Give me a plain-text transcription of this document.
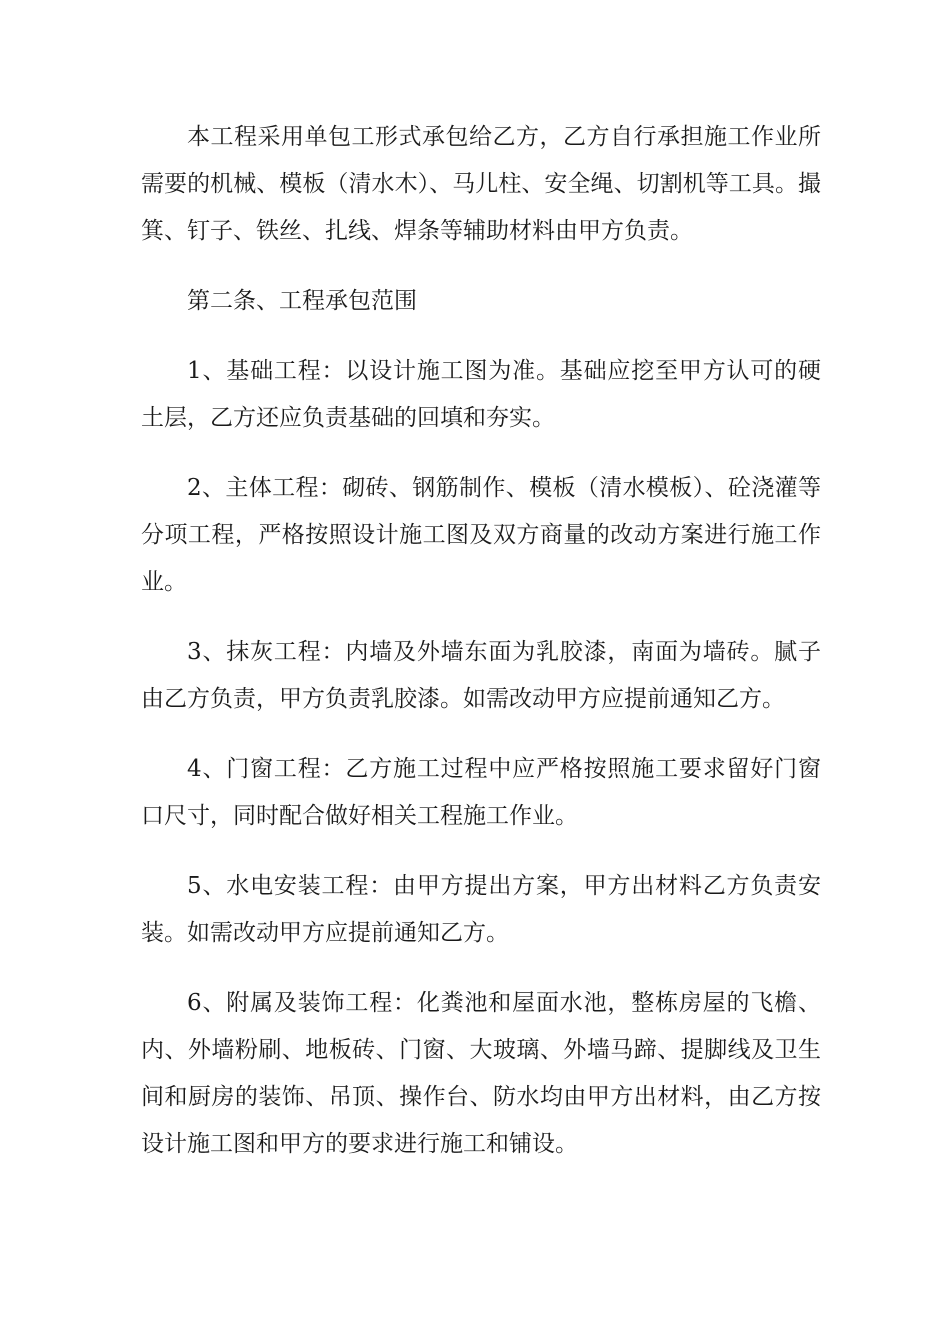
本工程采用单包工形式承包给乙方，乙方自行承担施工作业所需要的机械、模板（清水木）、马儿柱、安全绳、切割机等工具。撮箕、钉子、铁丝、扎线、焊条等辅助材料由甲方负责。

第二条、工程承包范围

1、基础工程：以设计施工图为准。基础应挖至甲方认可的硬土层，乙方还应负责基础的回填和夯实。

2、主体工程：砌砖、钢筋制作、模板（清水模板）、砼浇灌等分项工程，严格按照设计施工图及双方商量的改动方案进行施工作业。

3、抹灰工程：内墙及外墙东面为乳胶漆，南面为墙砖。腻子由乙方负责，甲方负责乳胶漆。如需改动甲方应提前通知乙方。

4、门窗工程：乙方施工过程中应严格按照施工要求留好门窗口尺寸，同时配合做好相关工程施工作业。

5、水电安装工程：由甲方提出方案，甲方出材料乙方负责安装。如需改动甲方应提前通知乙方。

6、附属及装饰工程：化粪池和屋面水池，整栋房屋的飞檐、内、外墙粉刷、地板砖、门窗、大玻璃、外墙马蹄、提脚线及卫生间和厨房的装饰、吊顶、操作台、防水均由甲方出材料，由乙方按设计施工图和甲方的要求进行施工和铺设。
